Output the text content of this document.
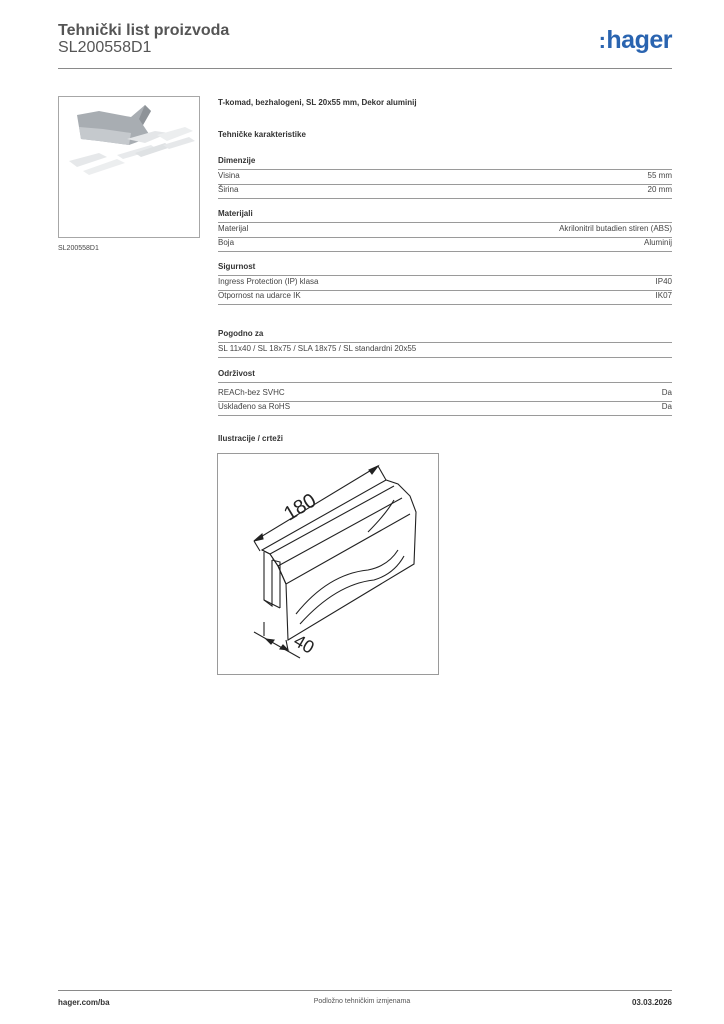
Tehnički list proizvoda
SL200558D1	:hager
SL200558D1
T-komad, bezhalogeni, SL 20x55 mm, Dekor aluminij
Tehničke karakteristike
Dimenzije
Visina	55 mm
Širina	20 mm
Materijali
Materijal	Akrilonitril butadien stiren (ABS)
Boja	Aluminij
Sigurnost
Ingress Protection (IP) klasa	IP40
Otpornost na udarce IK	IK07
Pogodno za
SL 11x40 / SL 18x75 / SLA 18x75 / SL standardni 20x55
Održivost
REACh-bez SVHC	Da
Usklađeno sa RoHS	Da
Ilustracije / crteži
180
40
hager.com/ba	Podložno tehničkim izmjenama	03.03.2026
